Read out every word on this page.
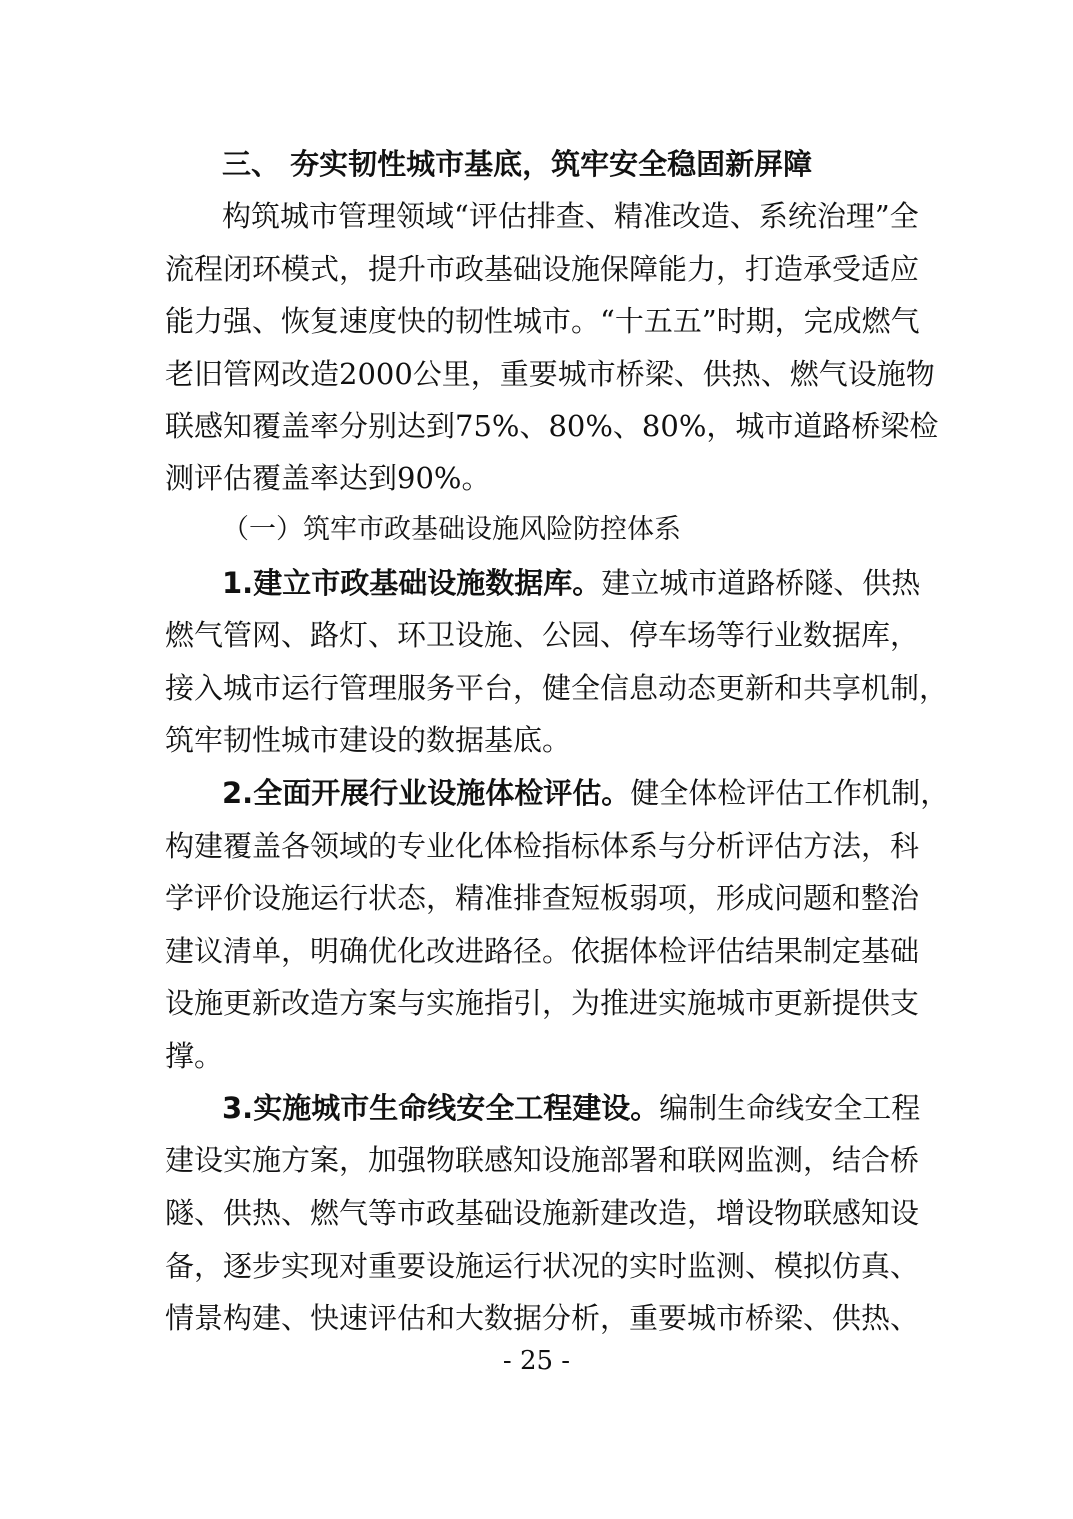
三、 夯实韧性城市基底，筑牢安全稳固新屏障
构筑城市管理领域“评估排查、精准改造、系统治理”全
流程闭环模式，提升市政基础设施保障能力，打造承受适应
能力强、恢复速度快的韧性城市。“十五五”时期，完成燃气
老旧管网改造2000公里，重要城市桥梁、供热、燃气设施物
联感知覆盖率分别达到75%、80%、80%，城市道路桥梁检
测评估覆盖率达到90%。
（一）筑牢市政基础设施风险防控体系
1.建立市政基础设施数据库。建立城市道路桥隧、供热
燃气管网、路灯、环卫设施、公园、停车场等行业数据库，
接入城市运行管理服务平台，健全信息动态更新和共享机制，
筑牢韧性城市建设的数据基底。
2.全面开展行业设施体检评估。健全体检评估工作机制，
构建覆盖各领域的专业化体检指标体系与分析评估方法，科
学评价设施运行状态，精准排查短板弱项，形成问题和整治
建议清单，明确优化改进路径。依据体检评估结果制定基础
设施更新改造方案与实施指引，为推进实施城市更新提供支
撑。
3.实施城市生命线安全工程建设。编制生命线安全工程
建设实施方案，加强物联感知设施部署和联网监测，结合桥
隧、供热、燃气等市政基础设施新建改造，增设物联感知设
备，逐步实现对重要设施运行状况的实时监测、模拟仿真、
情景构建、快速评估和大数据分析，重要城市桥梁、供热、
- 25 -
